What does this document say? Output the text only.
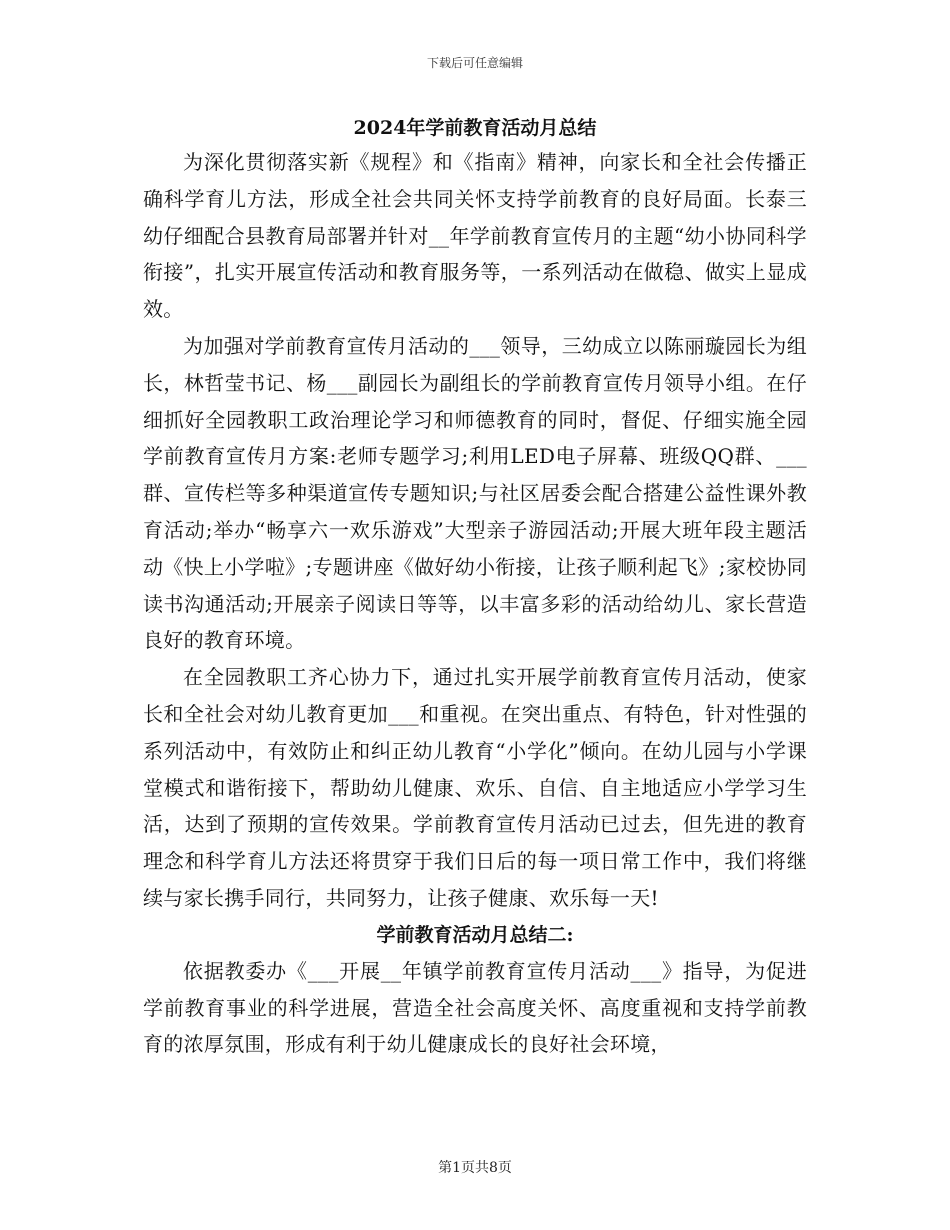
下载后可任意编辑
2024年学前教育活动月总结

为深化贯彻落实新《规程》和《指南》精神，向家长和全社会传播正确科学育儿方法，形成全社会共同关怀支持学前教育的良好局面。长泰三幼仔细配合县教育局部署并针对__年学前教育宣传月的主题“幼小协同科学衔接”，扎实开展宣传活动和教育服务等，一系列活动在做稳、做实上显成效。

为加强对学前教育宣传月活动的___领导，三幼成立以陈丽璇园长为组长，林哲莹书记、杨___副园长为副组长的学前教育宣传月领导小组。在仔细抓好全园教职工政治理论学习和师德教育的同时，督促、仔细实施全园学前教育宣传月方案:老师专题学习;利用LED电子屏幕、班级QQ群、___群、宣传栏等多种渠道宣传专题知识;与社区居委会配合搭建公益性课外教育活动;举办“畅享六一欢乐游戏”大型亲子游园活动;开展大班年段主题活动《快上小学啦》;专题讲座《做好幼小衔接，让孩子顺利起飞》;家校协同读书沟通活动;开展亲子阅读日等等，以丰富多彩的活动给幼儿、家长营造良好的教育环境。

在全园教职工齐心协力下，通过扎实开展学前教育宣传月活动，使家长和全社会对幼儿教育更加___和重视。在突出重点、有特色，针对性强的系列活动中，有效防止和纠正幼儿教育“小学化”倾向。在幼儿园与小学课堂模式和谐衔接下，帮助幼儿健康、欢乐、自信、自主地适应小学学习生活，达到了预期的宣传效果。学前教育宣传月活动已过去，但先进的教育理念和科学育儿方法还将贯穿于我们日后的每一项日常工作中，我们将继续与家长携手同行，共同努力，让孩子健康、欢乐每一天!

学前教育活动月总结二:

依据教委办《___开展__年镇学前教育宣传月活动___》指导，为促进学前教育事业的科学进展，营造全社会高度关怀、高度重视和支持学前教育的浓厚氛围，形成有利于幼儿健康成长的良好社会环境，

第1页共8页
